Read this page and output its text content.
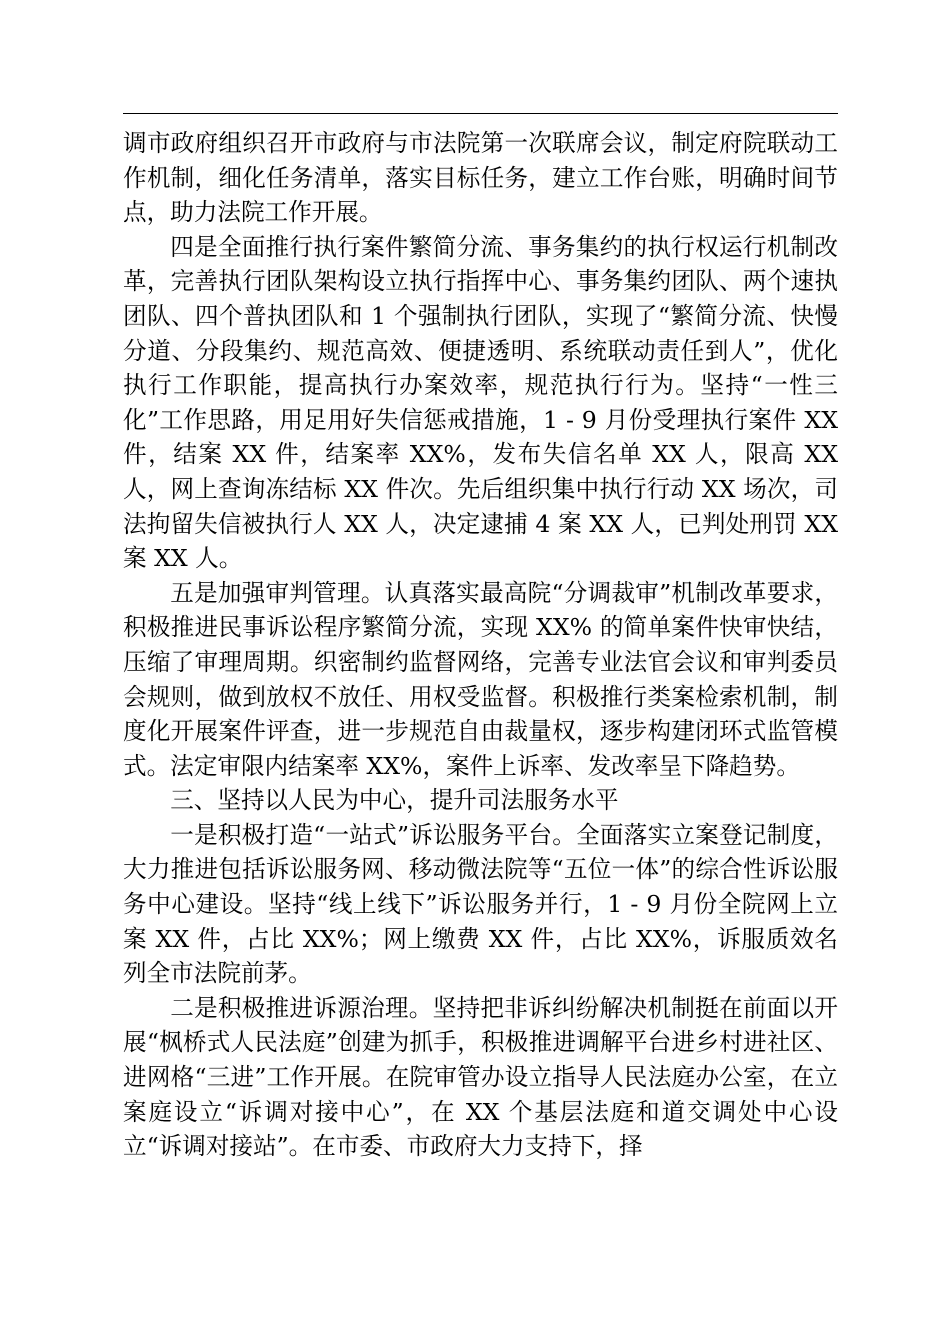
调市政府组织召开市政府与市法院第一次联席会议，制定府院联动工作机制，细化任务清单，落实目标任务，建立工作台账，明确时间节点，助力法院工作开展。

四是全面推行执行案件繁简分流、事务集约的执行权运行机制改革，完善执行团队架构设立执行指挥中心、事务集约团队、两个速执团队、四个普执团队和 1 个强制执行团队，实现了“繁简分流、快慢分道、分段集约、规范高效、便捷透明、系统联动责任到人”，优化执行工作职能，提高执行办案效率，规范执行行为。坚持“一性三化”工作思路，用足用好失信惩戒措施，1 - 9 月份受理执行案件 XX 件，结案 XX 件，结案率 XX%，发布失信名单 XX 人，限高 XX 人，网上查询冻结标 XX 件次。先后组织集中执行行动 XX 场次，司法拘留失信被执行人 XX 人，决定逮捕 4 案 XX 人，已判处刑罚 XX 案 XX 人。

五是加强审判管理。认真落实最高院“分调裁审”机制改革要求，积极推进民事诉讼程序繁简分流，实现 XX% 的简单案件快审快结，压缩了审理周期。织密制约监督网络，完善专业法官会议和审判委员会规则，做到放权不放任、用权受监督。积极推行类案检索机制，制度化开展案件评查，进一步规范自由裁量权，逐步构建闭环式监管模式。法定审限内结案率 XX%，案件上诉率、发改率呈下降趋势。

三、坚持以人民为中心，提升司法服务水平

一是积极打造“一站式”诉讼服务平台。全面落实立案登记制度，大力推进包括诉讼服务网、移动微法院等“五位一体”的综合性诉讼服务中心建设。坚持“线上线下”诉讼服务并行，1 - 9 月份全院网上立案 XX 件，占比 XX%；网上缴费 XX 件，占比 XX%，诉服质效名列全市法院前茅。

二是积极推进诉源治理。坚持把非诉纠纷解决机制挺在前面以开展“枫桥式人民法庭”创建为抓手，积极推进调解平台进乡村进社区、进网格“三进”工作开展。在院审管办设立指导人民法庭办公室，在立案庭设立“诉调对接中心”，在 XX 个基层法庭和道交调处中心设立“诉调对接站”。在市委、市政府大力支持下，择
